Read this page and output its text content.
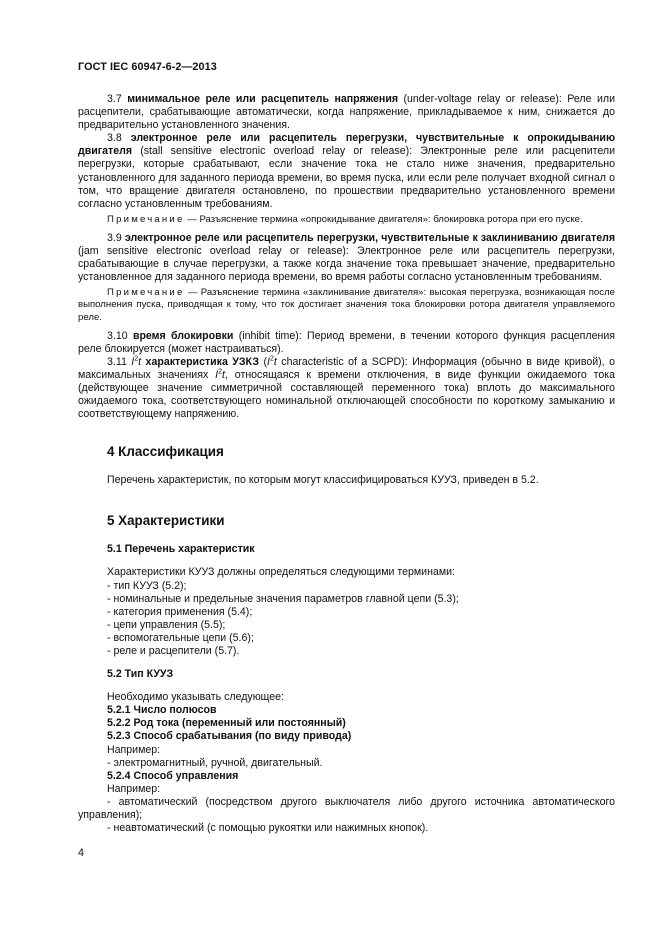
ГОСТ IEC 60947-6-2—2013

3.7 минимальное реле или расцепитель напряжения (under-voltage relay or release): Реле или расцепители, срабатывающие автоматически, когда напряжение, прикладываемое к ним, снижается до предварительно установленного значения.

3.8 электронное реле или расцепитель перегрузки, чувствительные к опрокидыванию двигателя (stall sensitive electronic overload relay or release): Электронные реле или расцепители перегрузки, которые срабатывают, если значение тока не стало ниже значения, предварительно установленного для заданного периода времени, во время пуска, или если реле получает входной сигнал о том, что вращение двигателя остановлено, по прошествии предварительно установленного времени согласно установленным требованиям.

Примечание — Разъяснение термина «опрокидывание двигателя»: блокировка ротора при его пуске.

3.9 электронное реле или расцепитель перегрузки, чувствительные к заклиниванию двигателя (jam sensitive electronic overload relay or release): Электронное реле или расцепитель перегрузки, срабатывающие в случае перегрузки, а также когда значение тока превышает значение, предварительно установленное для заданного периода времени, во время работы согласно установленным требованиям.

Примечание — Разъяснение термина «заклинивание двигателя»: высокая перегрузка, возникающая после выполнения пуска, приводящая к тому, что ток достигает значения тока блокировки ротора двигателя управляемого реле.

3.10 время блокировки (inhibit time): Период времени, в течении которого функция расцепления реле блокируется (может настраиваться).

3.11 $I^2t$ характеристика УЗКЗ ($I^2t$ characteristic of a SCPD): Информация (обычно в виде кривой), о максимальных значениях $I^2t$, относящаяся к времени отключения, в виде функции ожидаемого тока (действующее значение симметричной составляющей переменного тока) вплоть до максимального ожидаемого тока, соответствующего номинальной отключающей способности по короткому замыканию и соответствующему напряжению.

4 Классификация

Перечень характеристик, по которым могут классифицироваться КУУЗ, приведен в 5.2.

5 Характеристики
5.1 Перечень характеристик

Характеристики КУУЗ должны определяться следующими терминами:

- тип КУУЗ (5.2);

- номинальные и предельные значения параметров главной цепи (5.3);

- категория применения (5.4);

- цепи управления (5.5);

- вспомогательные цепи (5.6);

- реле и расцепители (5.7).

5.2 Тип КУУЗ

Необходимо указывать следующее:

5.2.1 Число полюсов

5.2.2 Род тока (переменный или постоянный)

5.2.3 Способ срабатывания (по виду привода)

Например:

- электромагнитный, ручной, двигательный.

5.2.4 Способ управления

Например:

- автоматический (посредством другого выключателя либо другого источника автоматического управления);

- неавтоматический (с помощью рукоятки или нажимных кнопок).

4
